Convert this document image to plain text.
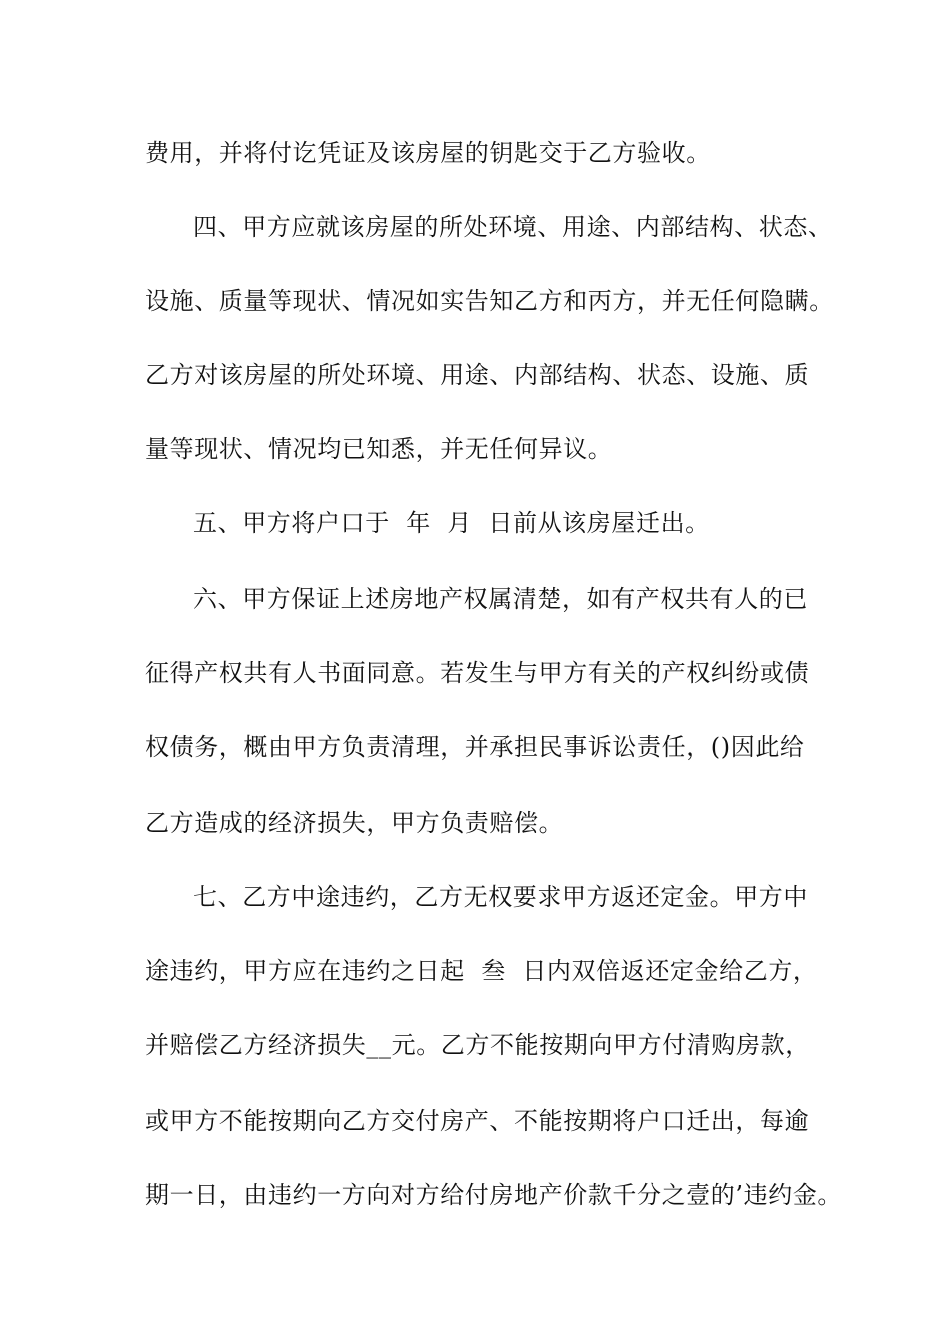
费用，并将付讫凭证及该房屋的钥匙交于乙方验收。
四、甲方应就该房屋的所处环境、用途、内部结构、状态、
设施、质量等现状、情况如实告知乙方和丙方，并无任何隐瞒。
乙方对该房屋的所处环境、用途、内部结构、状态、设施、质
量等现状、情况均已知悉，并无任何异议。
五、甲方将户口于  年  月  日前从该房屋迁出。
六、甲方保证上述房地产权属清楚，如有产权共有人的已
征得产权共有人书面同意。若发生与甲方有关的产权纠纷或债
权债务，概由甲方负责清理，并承担民事诉讼责任，()因此给
乙方造成的经济损失，甲方负责赔偿。
七、乙方中途违约，乙方无权要求甲方返还定金。甲方中
途违约，甲方应在违约之日起  叁  日内双倍返还定金给乙方，
并赔偿乙方经济损失__元。乙方不能按期向甲方付清购房款，
或甲方不能按期向乙方交付房产、不能按期将户口迁出，每逾
期一日，由违约一方向对方给付房地产价款千分之壹的’违约金。
